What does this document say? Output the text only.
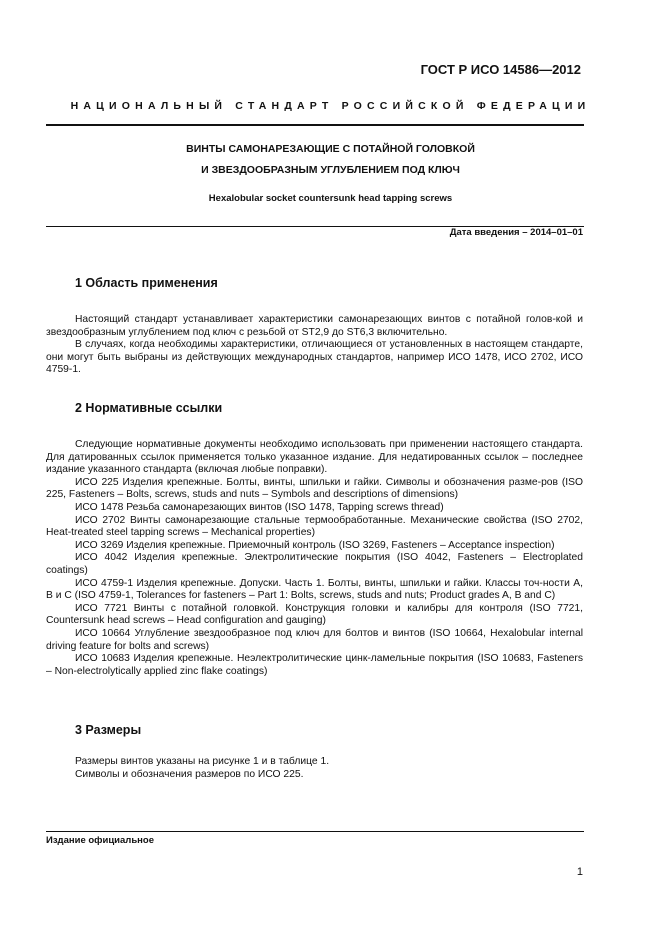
ГОСТ Р ИСО 14586—2012
НАЦИОНАЛЬНЫЙ СТАНДАРТ РОССИЙСКОЙ ФЕДЕРАЦИИ
ВИНТЫ САМОНАРЕЗАЮЩИЕ С ПОТАЙНОЙ ГОЛОВКОЙ
И ЗВЕЗДООБРАЗНЫМ УГЛУБЛЕНИЕМ ПОД КЛЮЧ
Hexalobular socket countersunk head tapping screws
Дата введения – 2014–01–01
1 Область применения

Настоящий стандарт устанавливает характеристики самонарезающих винтов с потайной голов-кой и звездообразным углублением под ключ с резьбой от ST2,9 до ST6,3 включительно.

В случаях, когда необходимы характеристики, отличающиеся от установленных в настоящем стандарте, они могут быть выбраны из действующих международных стандартов, например ИСО 1478, ИСО 2702, ИСО 4759-1.

2 Нормативные ссылки

Следующие нормативные документы необходимо использовать при применении настоящего стандарта. Для датированных ссылок применяется только указанное издание. Для недатированных ссылок – последнее издание указанного стандарта (включая любые поправки).

ИСО 225 Изделия крепежные. Болты, винты, шпильки и гайки. Символы и обозначения разме-ров (ISO 225, Fasteners – Bolts, screws, studs and nuts – Symbols and descriptions of dimensions)

ИСО 1478 Резьба самонарезающих винтов (ISO 1478, Tapping screws thread)

ИСО 2702 Винты самонарезающие стальные термообработанные. Механические свойства (ISO 2702, Heat-treated steel tapping screws – Mechanical properties)

ИСО 3269 Изделия крепежные. Приемочный контроль (ISO 3269, Fasteners – Acceptance inspection)

ИСО 4042 Изделия крепежные. Электролитические покрытия (ISO 4042, Fasteners – Electroplated coatings)

ИСО 4759-1 Изделия крепежные. Допуски. Часть 1. Болты, винты, шпильки и гайки. Классы точ-ности А, В и С (ISO 4759-1, Tolerances for fasteners – Part 1: Bolts, screws, studs and nuts; Product grades A, B and C)

ИСО 7721 Винты с потайной головкой. Конструкция головки и калибры для контроля (ISO 7721, Countersunk head screws – Head configuration and gauging)

ИСО 10664 Углубление звездообразное под ключ для болтов и винтов (ISO 10664, Hexalobular internal driving feature for bolts and screws)

ИСО 10683 Изделия крепежные. Неэлектролитические цинк-ламельные покрытия (ISO 10683, Fasteners – Non-electrolytically applied zinc flake coatings)

3 Размеры

Размеры винтов указаны на рисунке 1 и в таблице 1.

Символы и обозначения размеров по ИСО 225.

Издание официальное
1
